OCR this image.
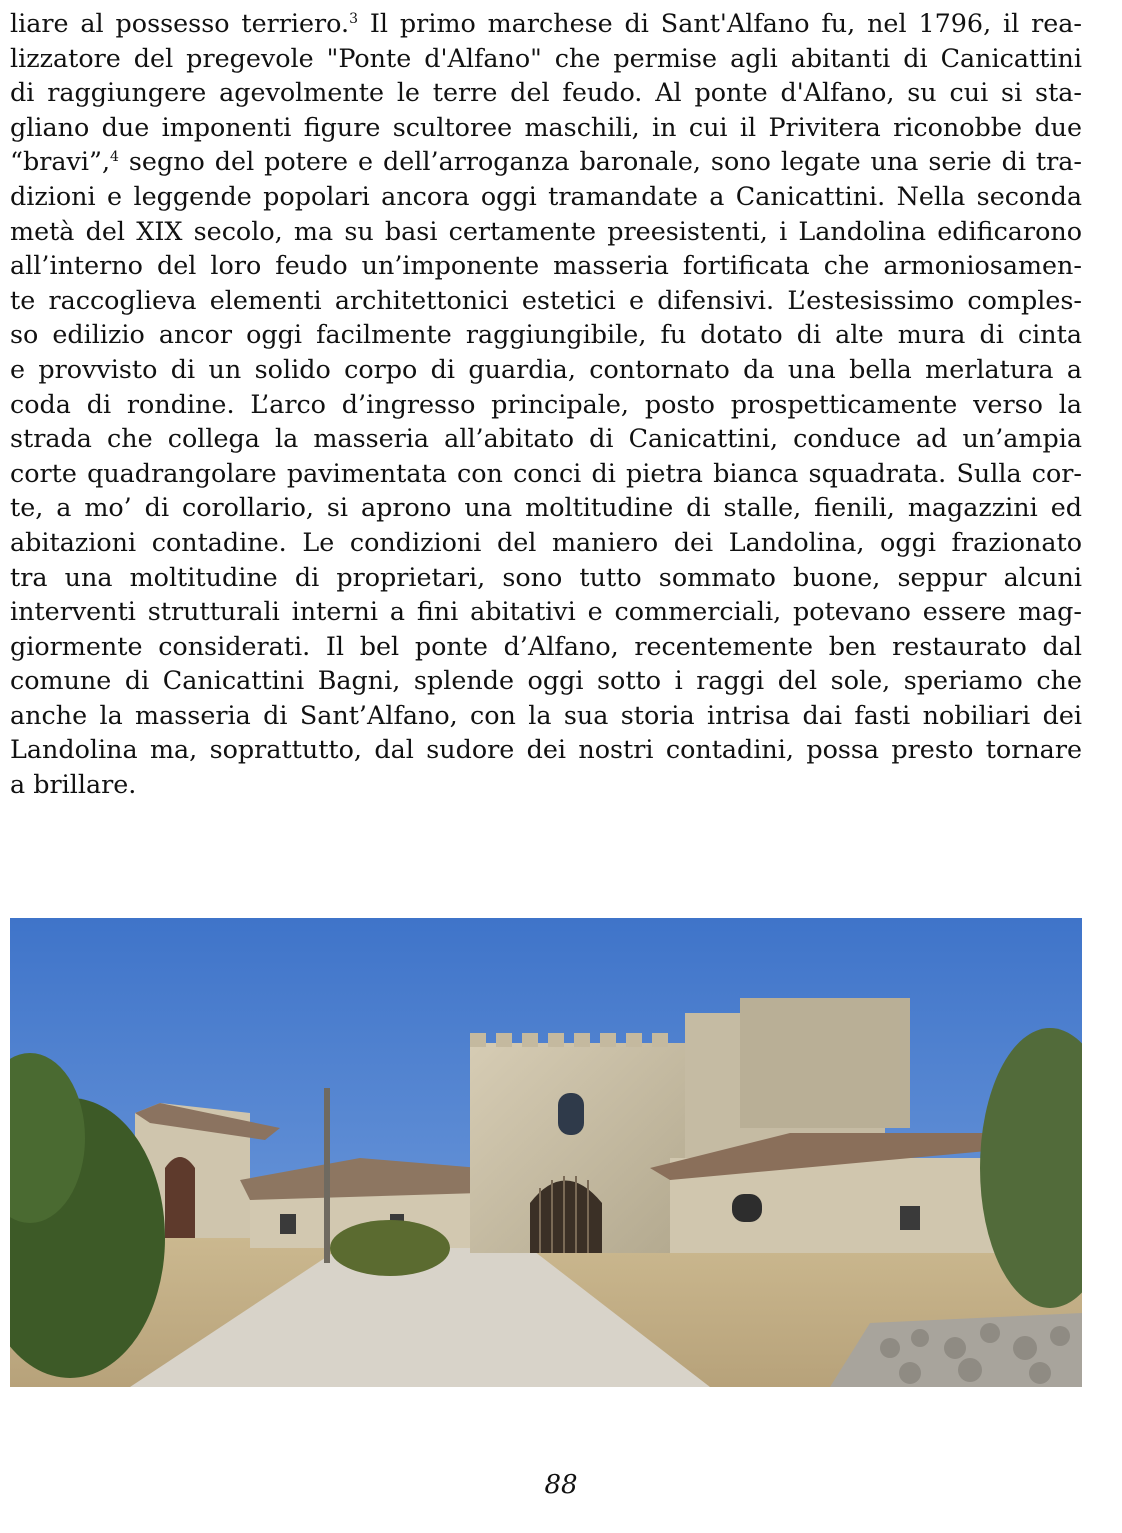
liare al possesso terriero.$^3$ Il primo marchese di Sant'Alfano fu, nel 1796, il rea-
lizzatore del pregevole "Ponte d'Alfano" che permise agli abitanti di Canicattini
di raggiungere agevolmente le terre del feudo. Al ponte d'Alfano, su cui si sta-
gliano due imponenti figure scultoree maschili, in cui il Privitera riconobbe due
“bravi”,$^4$ segno del potere e dell’arroganza baronale, sono legate una serie di tra-
dizioni e leggende popolari ancora oggi tramandate a Canicattini. Nella seconda
metà del XIX secolo, ma su basi certamente preesistenti, i Landolina edificarono
all’interno del loro feudo un’imponente masseria fortificata che armoniosamen-
te raccoglieva elementi architettonici estetici e difensivi. L’estesissimo comples-
so edilizio ancor oggi facilmente raggiungibile, fu dotato di alte mura di cinta
e provvisto di un solido corpo di guardia, contornato da una bella merlatura a
coda di rondine. L’arco d’ingresso principale, posto prospetticamente verso la
strada che collega la masseria all’abitato di Canicattini, conduce ad un’ampia
corte quadrangolare pavimentata con conci di pietra bianca squadrata. Sulla cor-
te, a mo’ di corollario, si aprono una moltitudine di stalle, fienili, magazzini ed
abitazioni contadine. Le condizioni del maniero dei Landolina, oggi frazionato
tra una moltitudine di proprietari, sono tutto sommato buone, seppur alcuni
interventi strutturali interni a fini abitativi e commerciali, potevano essere mag-
giormente considerati. Il bel ponte d’Alfano, recentemente ben restaurato dal
comune di Canicattini Bagni, splende oggi sotto i raggi del sole, speriamo che
anche la masseria di Sant’Alfano, con la sua storia intrisa dai fasti nobiliari dei
Landolina ma, soprattutto, dal sudore dei nostri contadini, possa presto tornare
a brillare.
88
